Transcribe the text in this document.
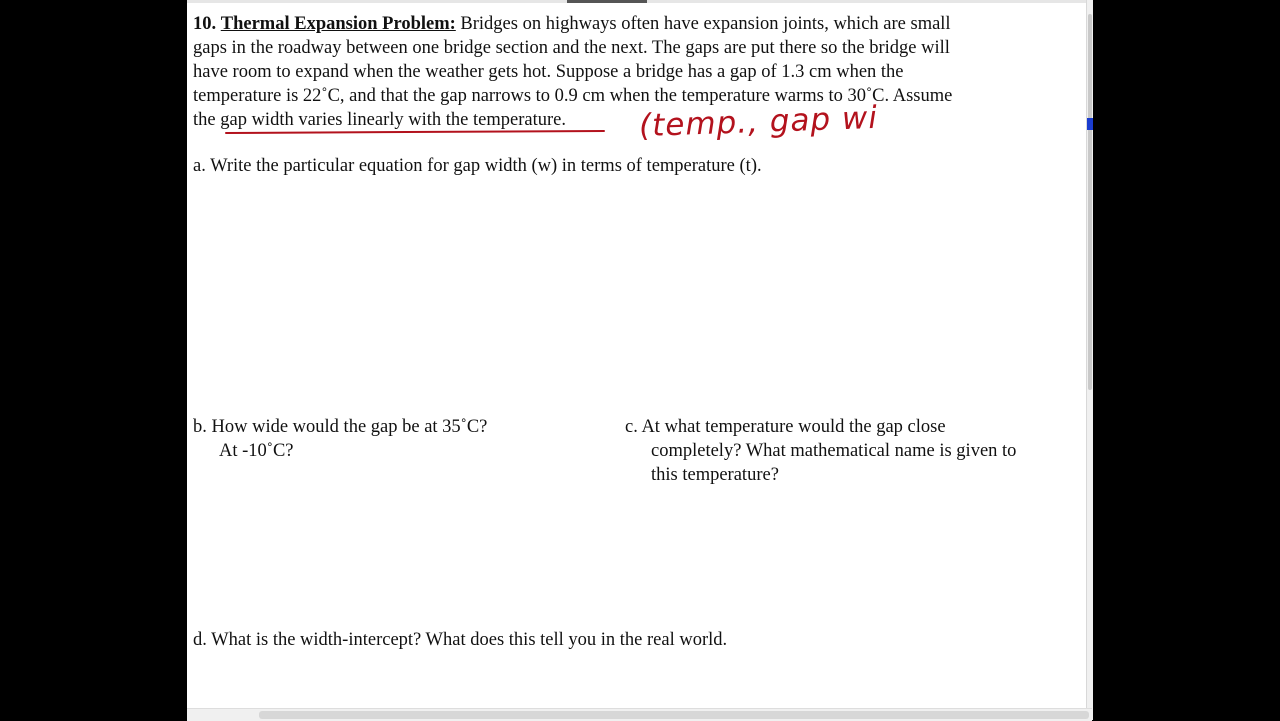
10. Thermal Expansion Problem: Bridges on highways often have expansion joints, which are small
gaps in the roadway between one bridge section and the next. The gaps are put there so the bridge will
have room to expand when the weather gets hot. Suppose a bridge has a gap of 1.3 cm when the
temperature is 22˚C, and that the gap narrows to 0.9 cm when the temperature warms to 30˚C. Assume
the gap width varies linearly with the temperature.	(temp., gap wi
a. Write the particular equation for gap width (w) in terms of temperature (t).
b. How wide would the gap be at 35˚C?
At -10˚C?
c. At what temperature would the gap close
completely? What mathematical name is given to
this temperature?
d. What is the width-intercept? What does this tell you in the real world.
